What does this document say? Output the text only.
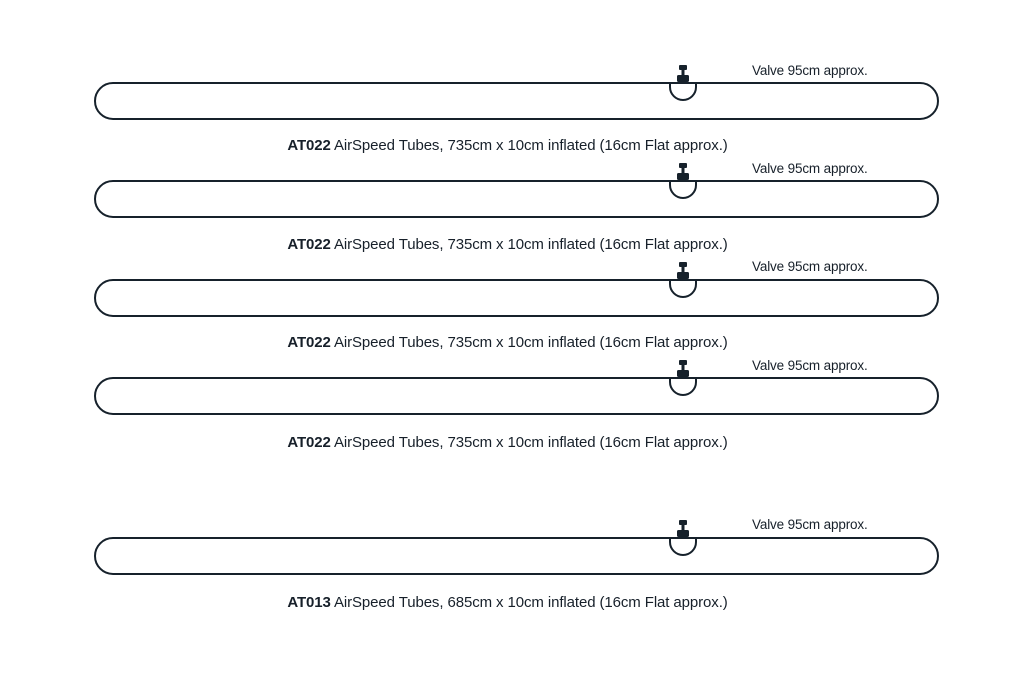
Valve 95cm approx.
AT022 AirSpeed Tubes, 735cm x 10cm inflated (16cm Flat approx.)
Valve 95cm approx.
AT022 AirSpeed Tubes, 735cm x 10cm inflated (16cm Flat approx.)
Valve 95cm approx.
AT022 AirSpeed Tubes, 735cm x 10cm inflated (16cm Flat approx.)
Valve 95cm approx.
AT022 AirSpeed Tubes, 735cm x 10cm inflated (16cm Flat approx.)
Valve 95cm approx.
AT013 AirSpeed Tubes, 685cm x 10cm inflated (16cm Flat approx.)
